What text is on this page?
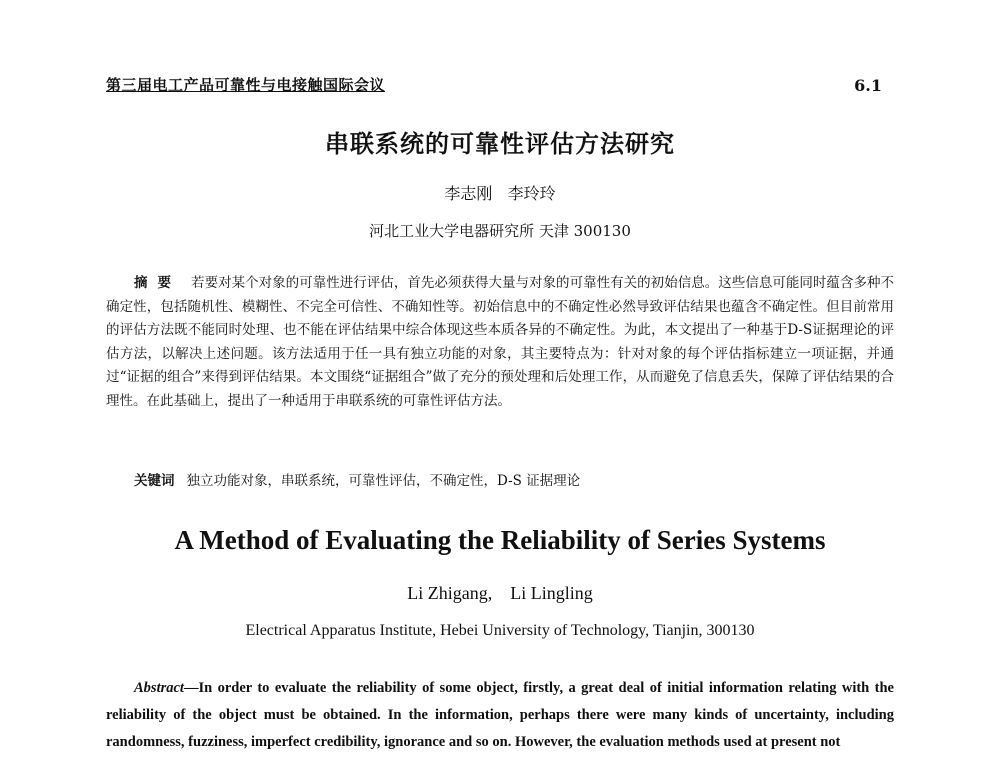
第三届电工产品可靠性与电接触国际会议	6.1
串联系统的可靠性评估方法研究
李志刚   李玲玲
河北工业大学电器研究所 天津 300130
摘要 若要对某个对象的可靠性进行评估，首先必须获得大量与对象的可靠性有关的初始信息。这些信息可能同时蕴含多种不确定性，包括随机性、模糊性、不完全可信性、不确知性等。初始信息中的不确定性必然导致评估结果也蕴含不确定性。但目前常用的评估方法既不能同时处理、也不能在评估结果中综合体现这些本质各异的不确定性。为此，本文提出了一种基于D-S证据理论的评估方法，以解决上述问题。该方法适用于任一具有独立功能的对象，其主要特点为：针对对象的每个评估指标建立一项证据，并通过“证据的组合”来得到评估结果。本文围绕“证据组合”做了充分的预处理和后处理工作，从而避免了信息丢失，保障了评估结果的合理性。在此基础上，提出了一种适用于串联系统的可靠性评估方法。
关键词 独立功能对象，串联系统，可靠性评估，不确定性，D-S 证据理论
A Method of Evaluating the Reliability of Series Systems
Li Zhigang,    Li Lingling
Electrical Apparatus Institute, Hebei University of Technology, Tianjin, 300130
Abstract—In order to evaluate the reliability of some object, firstly, a great deal of initial information relating with the reliability of the object must be obtained. In the information, perhaps there were many kinds of uncertainty, including randomness, fuzziness, imperfect credibility, ignorance and so on. However, the evaluation methods used at present not
